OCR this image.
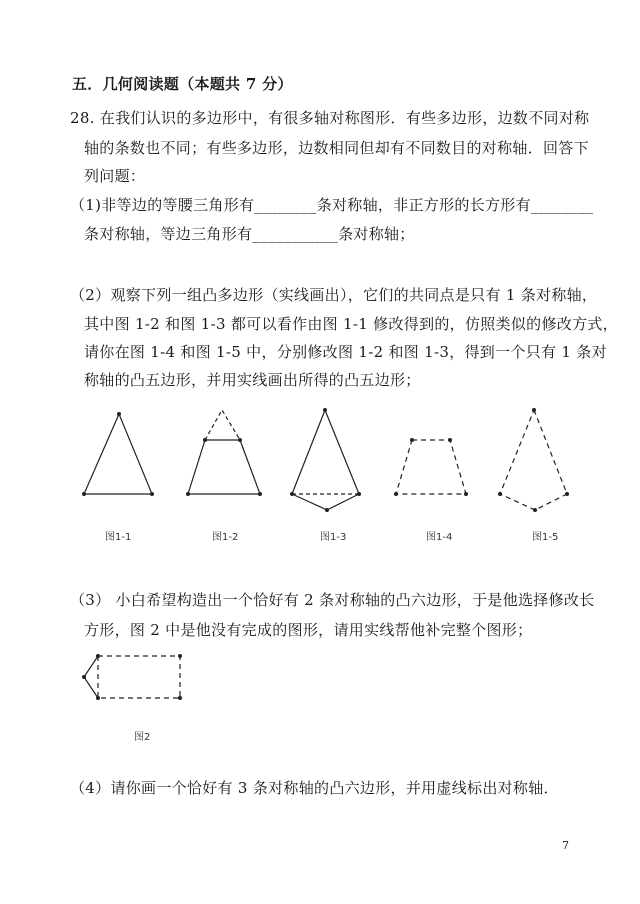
五．几何阅读题（本题共 7 分）
28. 在我们认识的多边形中，有很多轴对称图形．有些多边形，边数不同对称
轴的条数也不同；有些多边形，边数相同但却有不同数目的对称轴．回答下
列问题：
（1)非等边的等腰三角形有________条对称轴，非正方形的长方形有________
条对称轴，等边三角形有___________条对称轴；
（2）观察下列一组凸多边形（实线画出），它们的共同点是只有 1 条对称轴，
其中图 1-2 和图 1-3 都可以看作由图 1-1 修改得到的，仿照类似的修改方式，
请你在图 1-4 和图 1-5 中，分别修改图 1-2 和图 1-3，得到一个只有 1 条对
称轴的凸五边形，并用实线画出所得的凸五边形；
图1-1	图1-2	图1-3	图1-4	图1-5
（3） 小白希望构造出一个恰好有 2 条对称轴的凸六边形，于是他选择修改长
方形，图 2 中是他没有完成的图形，请用实线帮他补完整个图形；
图2
（4）请你画一个恰好有 3 条对称轴的凸六边形，并用虚线标出对称轴．
7
